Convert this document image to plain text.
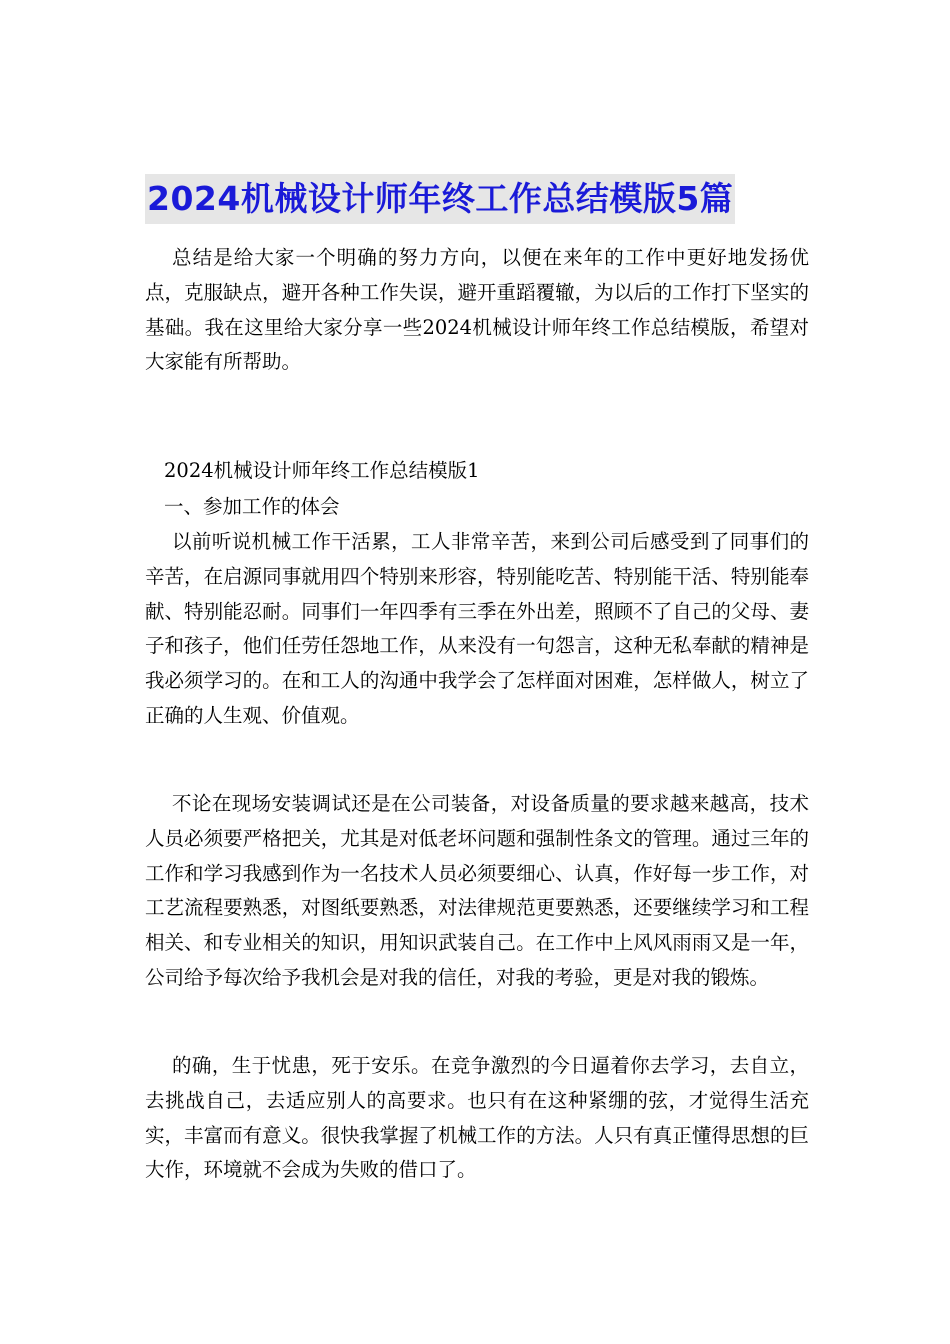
2024机械设计师年终工作总结模版5篇

总结是给大家一个明确的努力方向，以便在来年的工作中更好地发扬优点，克服缺点，避开各种工作失误，避开重蹈覆辙，为以后的工作打下坚实的基础。我在这里给大家分享一些2024机械设计师年终工作总结模版，希望对大家能有所帮助。

2024机械设计师年终工作总结模版1

一、参加工作的体会

以前听说机械工作干活累，工人非常辛苦，来到公司后感受到了同事们的辛苦，在启源同事就用四个特别来形容，特别能吃苦、特别能干活、特别能奉献、特别能忍耐。同事们一年四季有三季在外出差，照顾不了自己的父母、妻子和孩子，他们任劳任怨地工作，从来没有一句怨言，这种无私奉献的精神是我必须学习的。在和工人的沟通中我学会了怎样面对困难，怎样做人，树立了正确的人生观、价值观。

不论在现场安装调试还是在公司装备，对设备质量的要求越来越高，技术人员必须要严格把关，尤其是对低老坏问题和强制性条文的管理。通过三年的工作和学习我感到作为一名技术人员必须要细心、认真，作好每一步工作，对工艺流程要熟悉，对图纸要熟悉，对法律规范更要熟悉，还要继续学习和工程相关、和专业相关的知识，用知识武装自己。在工作中上风风雨雨又是一年，公司给予每次给予我机会是对我的信任，对我的考验，更是对我的锻炼。

的确，生于忧患，死于安乐。在竞争激烈的今日逼着你去学习，去自立，去挑战自己，去适应别人的高要求。也只有在这种紧绷的弦，才觉得生活充实，丰富而有意义。很快我掌握了机械工作的方法。人只有真正懂得思想的巨大作，环境就不会成为失败的借口了。
